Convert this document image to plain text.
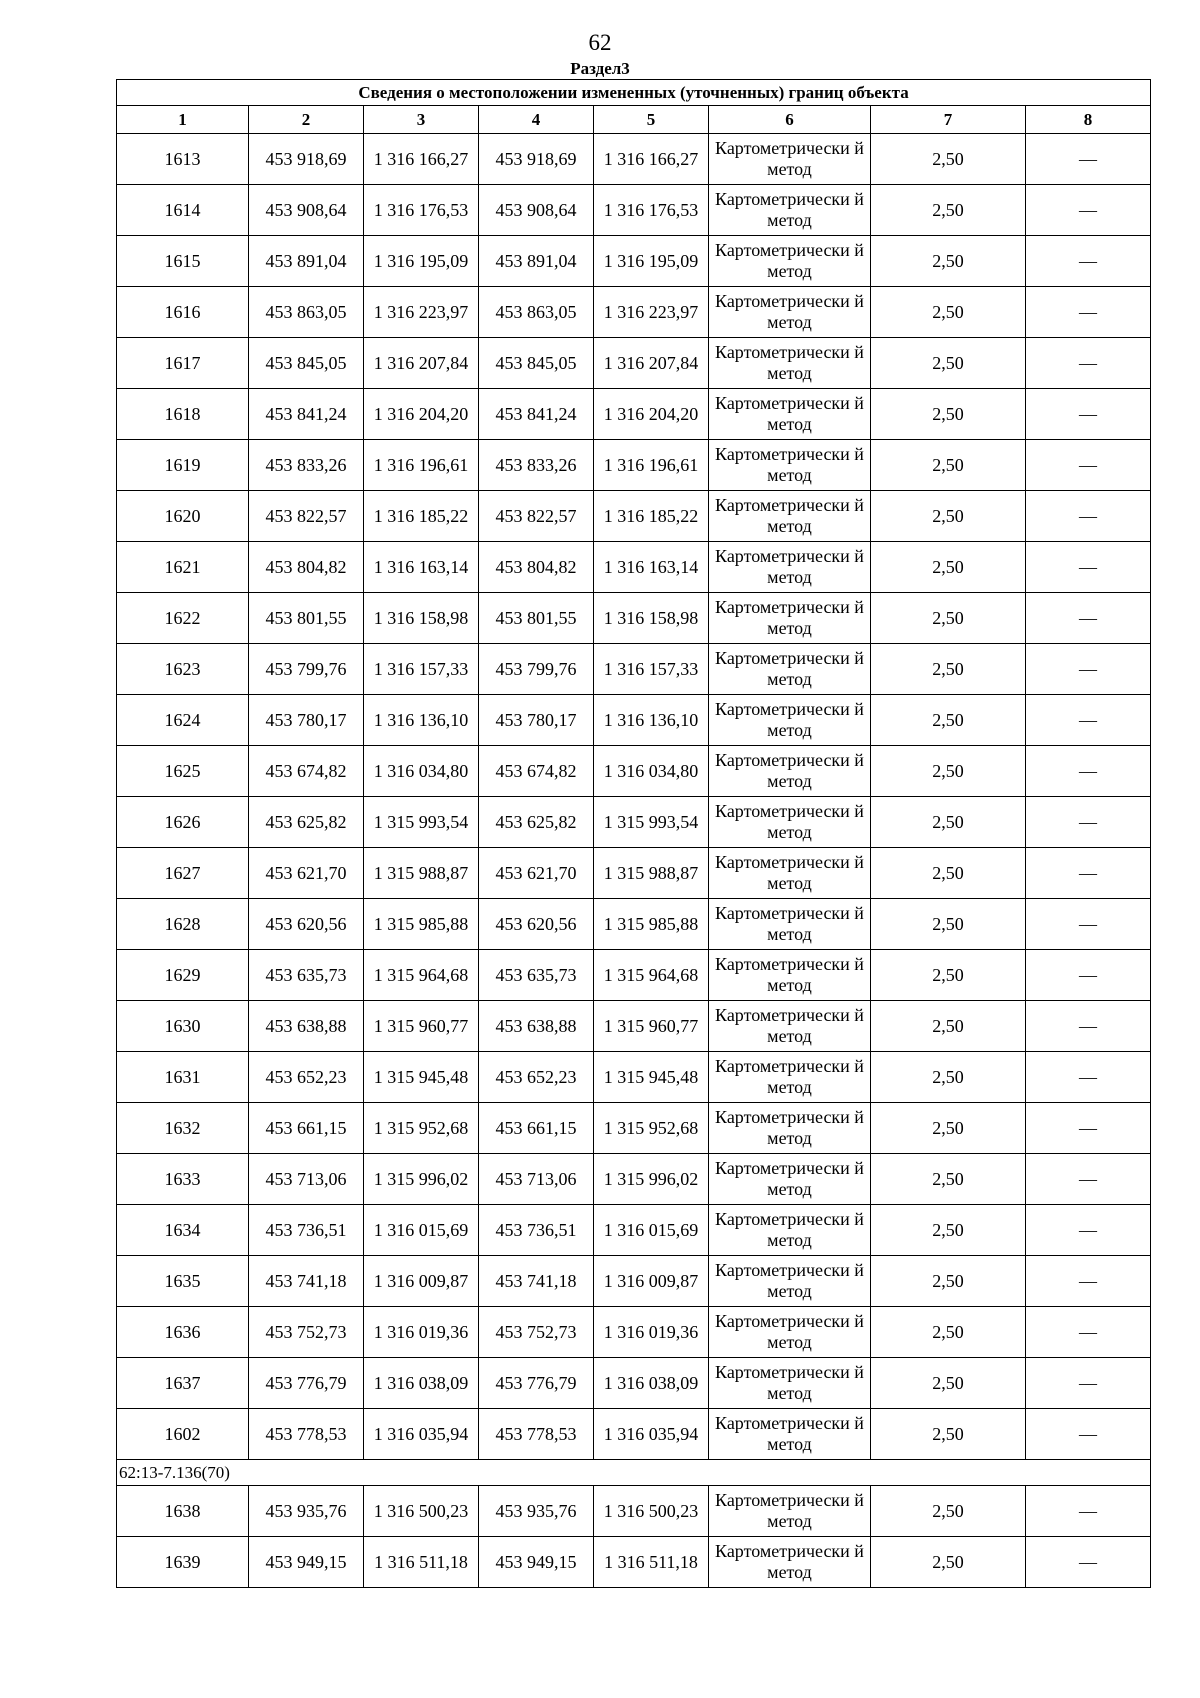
62
Раздел3
Сведения о местоположении измененных (уточненных) границ объекта							
1	2	3	4	5	6	7	8
1613	453 918,69	1 316 166,27	453 918,69	1 316 166,27	Картометрически й метод	2,50	—
1614	453 908,64	1 316 176,53	453 908,64	1 316 176,53	Картометрически й метод	2,50	—
1615	453 891,04	1 316 195,09	453 891,04	1 316 195,09	Картометрически й метод	2,50	—
1616	453 863,05	1 316 223,97	453 863,05	1 316 223,97	Картометрически й метод	2,50	—
1617	453 845,05	1 316 207,84	453 845,05	1 316 207,84	Картометрически й метод	2,50	—
1618	453 841,24	1 316 204,20	453 841,24	1 316 204,20	Картометрически й метод	2,50	—
1619	453 833,26	1 316 196,61	453 833,26	1 316 196,61	Картометрически й метод	2,50	—
1620	453 822,57	1 316 185,22	453 822,57	1 316 185,22	Картометрически й метод	2,50	—
1621	453 804,82	1 316 163,14	453 804,82	1 316 163,14	Картометрически й метод	2,50	—
1622	453 801,55	1 316 158,98	453 801,55	1 316 158,98	Картометрически й метод	2,50	—
1623	453 799,76	1 316 157,33	453 799,76	1 316 157,33	Картометрически й метод	2,50	—
1624	453 780,17	1 316 136,10	453 780,17	1 316 136,10	Картометрически й метод	2,50	—
1625	453 674,82	1 316 034,80	453 674,82	1 316 034,80	Картометрически й метод	2,50	—
1626	453 625,82	1 315 993,54	453 625,82	1 315 993,54	Картометрически й метод	2,50	—
1627	453 621,70	1 315 988,87	453 621,70	1 315 988,87	Картометрически й метод	2,50	—
1628	453 620,56	1 315 985,88	453 620,56	1 315 985,88	Картометрически й метод	2,50	—
1629	453 635,73	1 315 964,68	453 635,73	1 315 964,68	Картометрически й метод	2,50	—
1630	453 638,88	1 315 960,77	453 638,88	1 315 960,77	Картометрически й метод	2,50	—
1631	453 652,23	1 315 945,48	453 652,23	1 315 945,48	Картометрически й метод	2,50	—
1632	453 661,15	1 315 952,68	453 661,15	1 315 952,68	Картометрически й метод	2,50	—
1633	453 713,06	1 315 996,02	453 713,06	1 315 996,02	Картометрически й метод	2,50	—
1634	453 736,51	1 316 015,69	453 736,51	1 316 015,69	Картометрически й метод	2,50	—
1635	453 741,18	1 316 009,87	453 741,18	1 316 009,87	Картометрически й метод	2,50	—
1636	453 752,73	1 316 019,36	453 752,73	1 316 019,36	Картометрически й метод	2,50	—
1637	453 776,79	1 316 038,09	453 776,79	1 316 038,09	Картометрически й метод	2,50	—
1602	453 778,53	1 316 035,94	453 778,53	1 316 035,94	Картометрически й метод	2,50	—
62:13-7.136(70)							
1638	453 935,76	1 316 500,23	453 935,76	1 316 500,23	Картометрически й метод	2,50	—
1639	453 949,15	1 316 511,18	453 949,15	1 316 511,18	Картометрически й метод	2,50	—
